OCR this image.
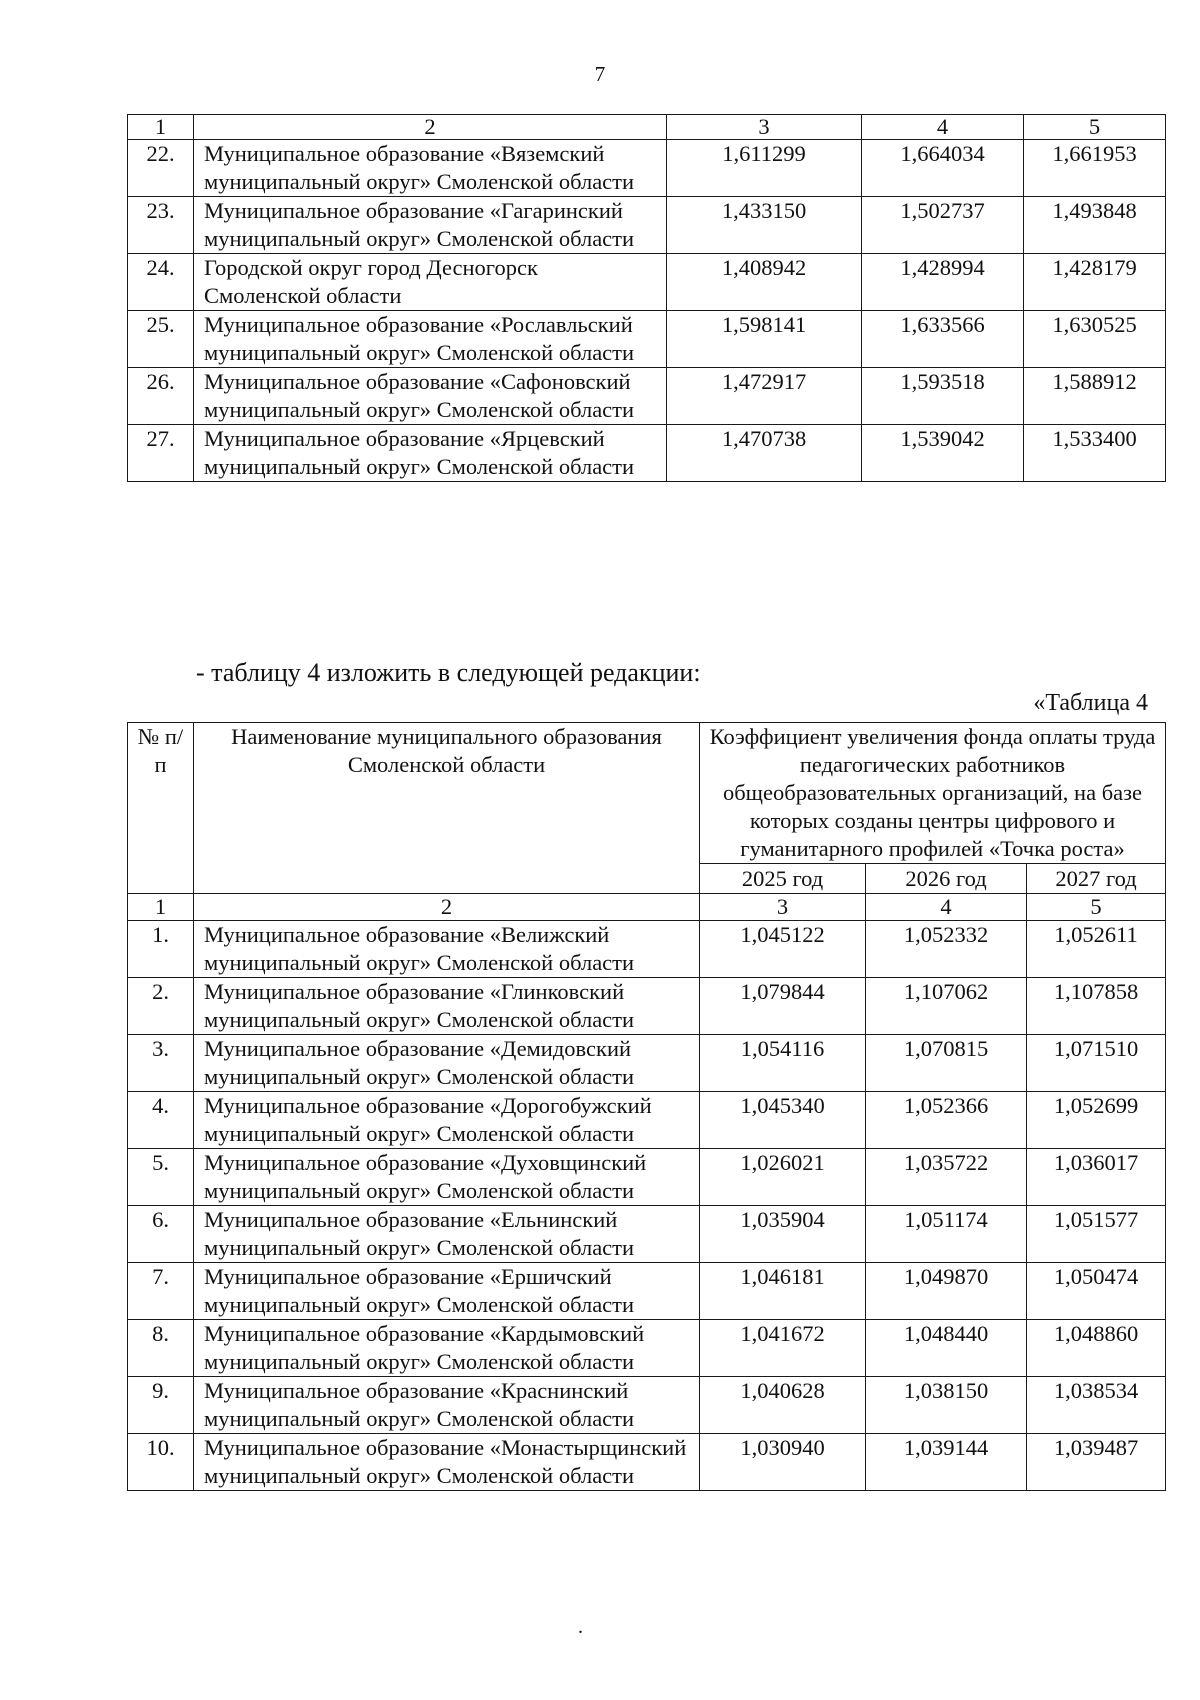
7
1	2	3	4	5
22.	Муниципальное образование «Вяземский муниципальный округ» Смоленской области	1,611299	1,664034	1,661953
23.	Муниципальное образование «Гагаринский муниципальный округ» Смоленской области	1,433150	1,502737	1,493848
24.	Городской округ город Десногорск Смоленской области	1,408942	1,428994	1,428179
25.	Муниципальное образование «Рославльский муниципальный округ» Смоленской области	1,598141	1,633566	1,630525
26.	Муниципальное образование «Сафоновский муниципальный округ» Смоленской области	1,472917	1,593518	1,588912
27.	Муниципальное образование «Ярцевский муниципальный округ» Смоленской области	1,470738	1,539042	1,533400
- таблицу 4 изложить в следующей редакции:
«Таблица 4
№ п/п	Наименование муниципального образования Смоленской области	Коэффициент увеличения фонда оплаты труда педагогических работников общеобразовательных организаций, на базе которых созданы центры цифрового и гуманитарного профилей «Точка роста»		
		2025 год	2026 год	2027 год
1	2	3	4	5
1.	Муниципальное образование «Велижский муниципальный округ» Смоленской области	1,045122	1,052332	1,052611
2.	Муниципальное образование «Глинковский муниципальный округ» Смоленской области	1,079844	1,107062	1,107858
3.	Муниципальное образование «Демидовский муниципальный округ» Смоленской области	1,054116	1,070815	1,071510
4.	Муниципальное образование «Дорогобужский муниципальный округ» Смоленской области	1,045340	1,052366	1,052699
5.	Муниципальное образование «Духовщинский муниципальный округ» Смоленской области	1,026021	1,035722	1,036017
6.	Муниципальное образование «Ельнинский муниципальный округ» Смоленской области	1,035904	1,051174	1,051577
7.	Муниципальное образование «Ершичский муниципальный округ» Смоленской области	1,046181	1,049870	1,050474
8.	Муниципальное образование «Кардымовский муниципальный округ» Смоленской области	1,041672	1,048440	1,048860
9.	Муниципальное образование «Краснинский муниципальный округ» Смоленской области	1,040628	1,038150	1,038534
10.	Муниципальное образование «Монастырщинский муниципальный округ» Смоленской области	1,030940	1,039144	1,039487
.
